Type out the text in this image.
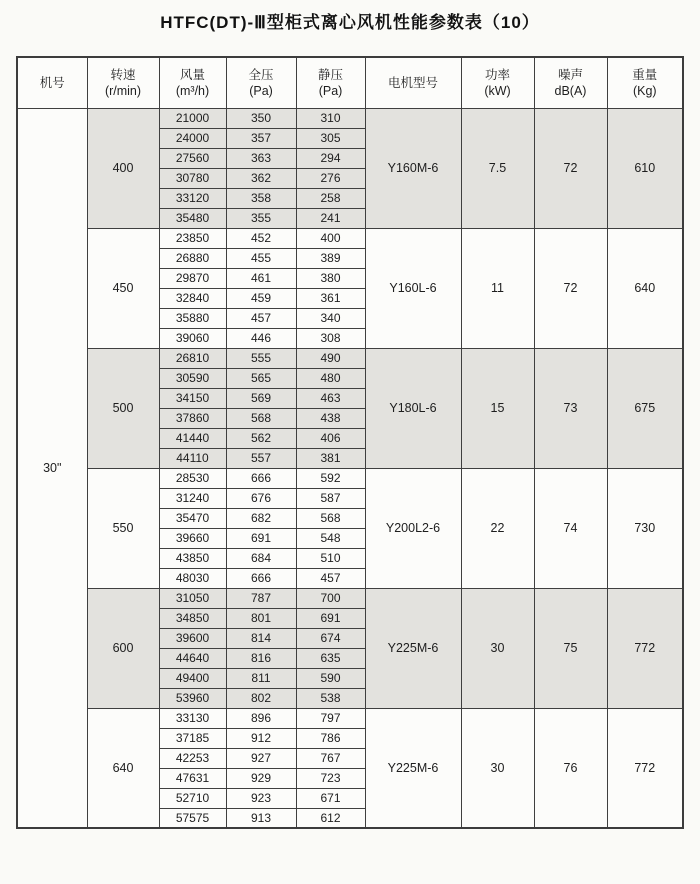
HTFC(DT)-Ⅲ型柜式离心风机性能参数表（10）
机号	转速
(r/min)	风量
(m³/h)	全压
(Pa)	静压
(Pa)	电机型号	功率
(kW)	噪声
dB(A)	重量
(Kg)

30"	400	21000	350	310	Y160M-6	7.5	72	610
		24000	357	305				
		27560	363	294				
		30780	362	276				
		33120	358	258				
		35480	355	241				
	450	23850	452	400	Y160L-6	11	72	640
		26880	455	389				
		29870	461	380				
		32840	459	361				
		35880	457	340				
		39060	446	308				
	500	26810	555	490	Y180L-6	15	73	675
		30590	565	480				
		34150	569	463				
		37860	568	438				
		41440	562	406				
		44110	557	381				
	550	28530	666	592	Y200L2-6	22	74	730
		31240	676	587				
		35470	682	568				
		39660	691	548				
		43850	684	510				
		48030	666	457				
	600	31050	787	700	Y225M-6	30	75	772
		34850	801	691				
		39600	814	674				
		44640	816	635				
		49400	811	590				
		53960	802	538				
	640	33130	896	797	Y225M-6	30	76	772
		37185	912	786				
		42253	927	767				
		47631	929	723				
		52710	923	671				
		57575	913	612				
